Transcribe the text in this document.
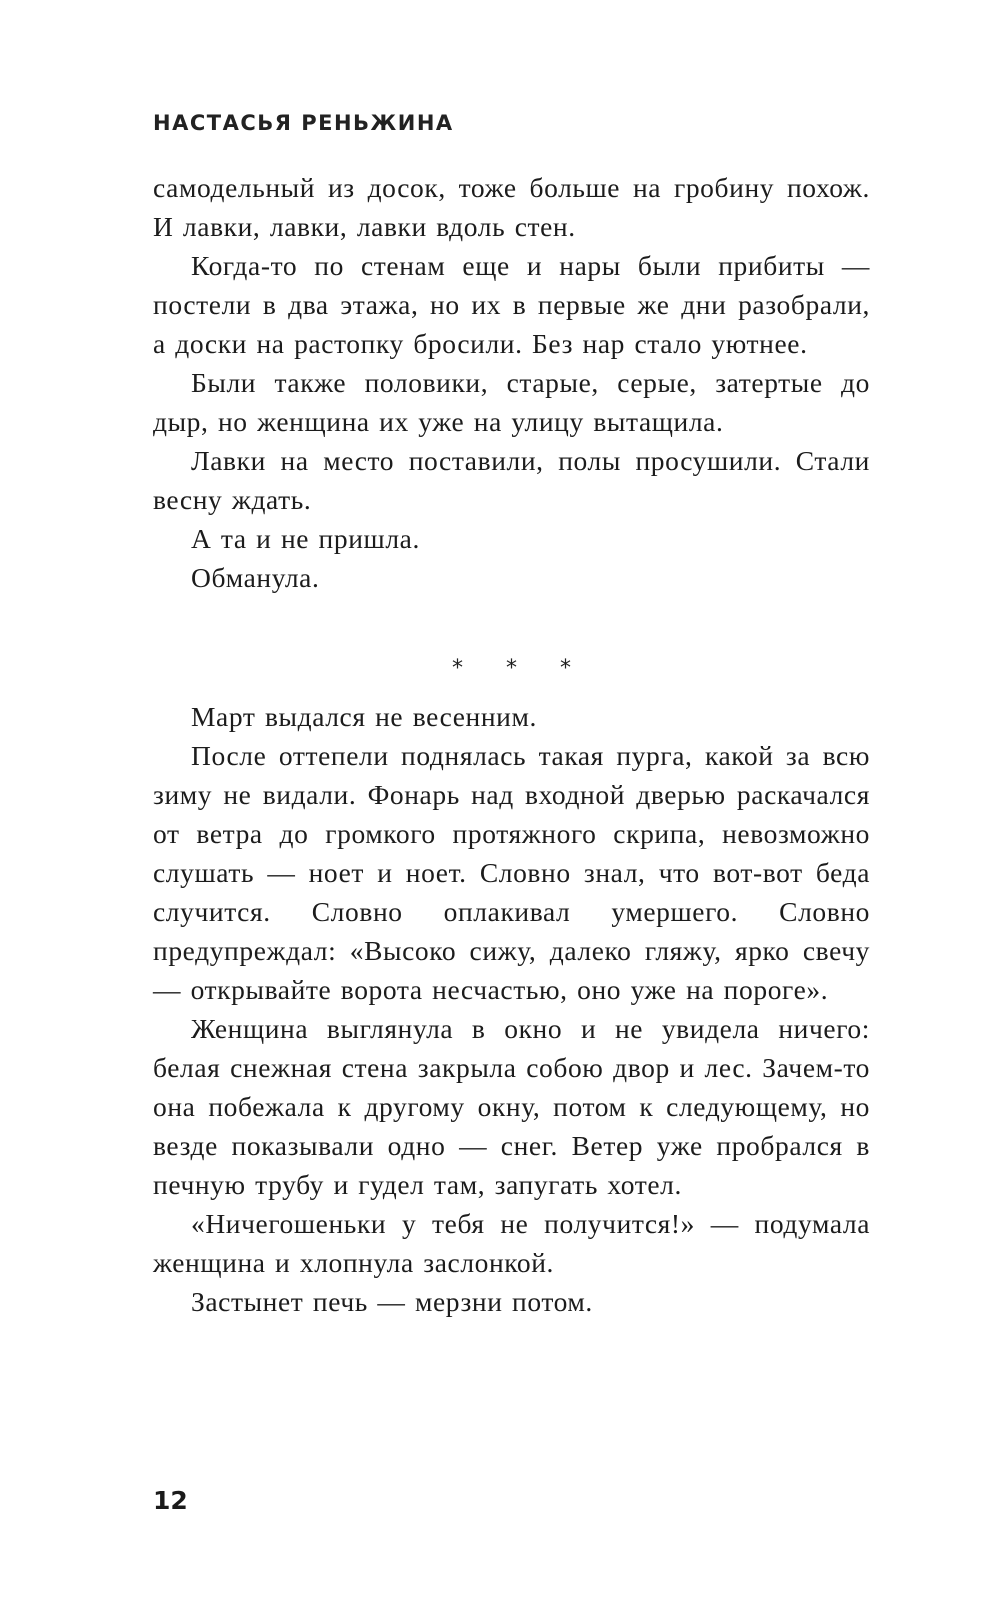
НАСТАСЬЯ РЕНЬЖИНА

самодельный из досок, тоже больше на гробину похож. И лавки, лавки, лавки вдоль стен.

Когда-то по стенам еще и нары были прибиты — постели в два этажа, но их в первые же дни разобрали, а доски на растопку бросили. Без нар стало уютнее.

Были также половики, старые, серые, затертые до дыр, но женщина их уже на улицу вытащила.

Лавки на место поставили, полы просушили. Стали весну ждать.

А та и не пришла.

Обманула.

* * *

Март выдался не весенним.

После оттепели поднялась такая пурга, какой за всю зиму не видали. Фонарь над входной дверью раскачался от ветра до громкого протяжного скрипа, невозможно слушать — ноет и ноет. Словно знал, что вот-вот беда случится. Словно оплакивал умершего. Словно предупреждал: «Высоко сижу, далеко гляжу, ярко свечу — открывайте ворота несчастью, оно уже на пороге».

Женщина выглянула в окно и не увидела ничего: белая снежная стена закрыла собою двор и лес. Зачем-то она побежала к другому окну, потом к следующему, но везде показывали одно — снег. Ветер уже пробрался в печную трубу и гудел там, запугать хотел.

«Ничегошеньки у тебя не получится!» — подумала женщина и хлопнула заслонкой.

Застынет печь — мерзни потом.

12
